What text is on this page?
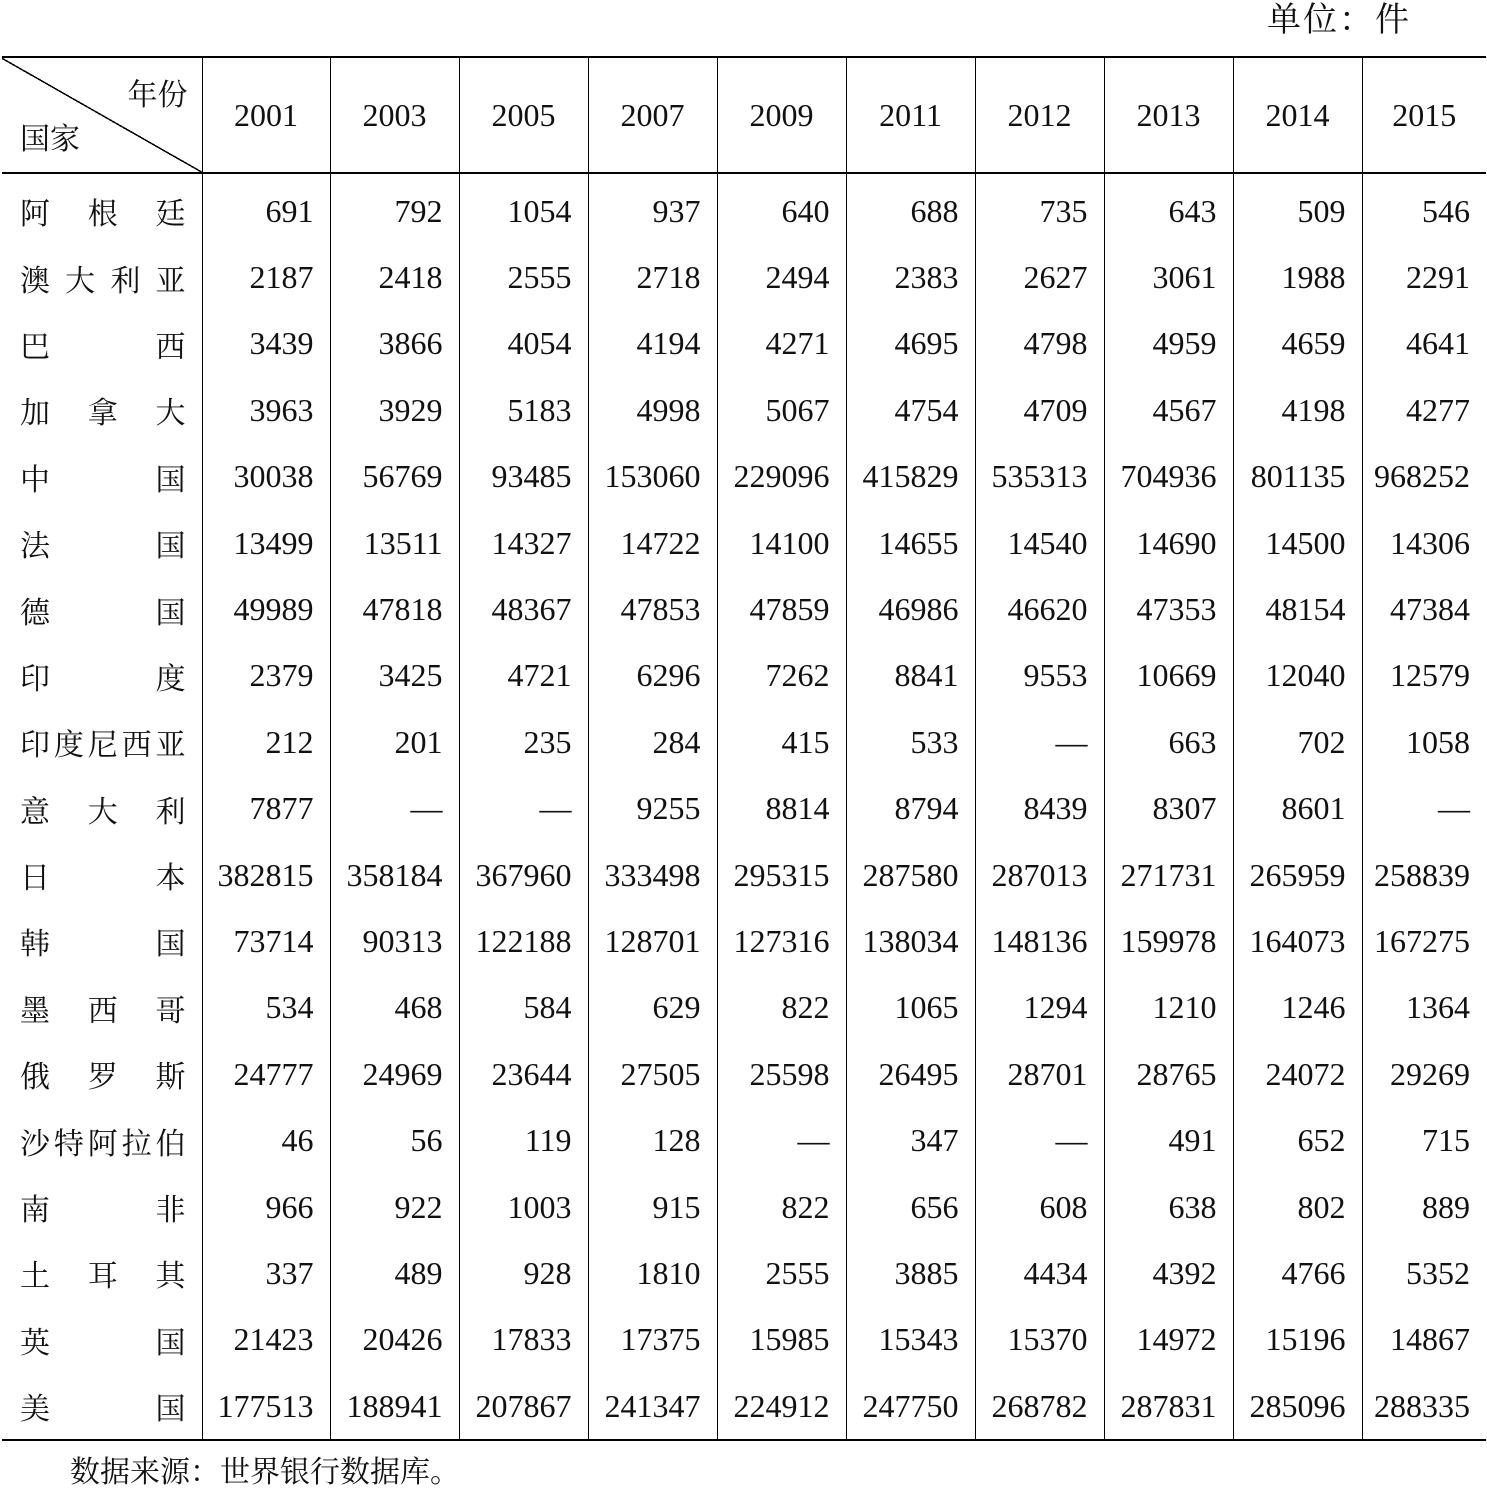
单位：件
年份
国家	2001	2003	2005	2007	2009	2011	2012	2013	2014	2015

阿 根 廷	691	792	1054	937	640	688	735	643	509	546

澳 大 利 亚 2187	2418	2555	2718	2494	2383	2627	3061	1988	2291

巴	西 3439	3866	4054	4194	4271	4695	4798	4959	4659	4641

加 拿 大 3963	3929	5183	4998	5067	4754	4709	4567	4198	4277

中	国 30038	56769	93485	153060	229096	415829	535313	704936	801135	968252

法	国 13499	13511	14327	14722	14100	14655	14540	14690	14500	14306

德	国 49989	47818	48367	47853	47859	46986	46620	47353	48154	47384

印	度 2379	3425	4721	6296	7262	8841	9553	10669	12040	12579

印 度 尼 西 亚	212	201	235	284	415	533	—	663	702	1058

意 大 利 7877	—	—	9255	8814	8794	8439	8307	8601	—

日	本 382815	358184	367960	333498	295315	287580	287013	271731	265959	258839

韩	国 73714	90313	122188	128701	127316	138034	148136	159978	164073	167275

墨 西 哥	534	468	584	629	822	1065	1294	1210	1246	1364

俄 罗 斯 24777	24969	23644	27505	25598	26495	28701	28765	24072	29269

沙 特 阿 拉 伯	46	56	119	128	—	347	—	491	652	715

南	非	966	922	1003	915	822	656	608	638	802	889

土 耳 其	337	489	928	1810	2555	3885	4434	4392	4766	5352

英	国 21423	20426	17833	17375	15985	15343	15370	14972	15196	14867

美	国 177513	188941	207867	241347	224912	247750	268782	287831	285096	288335
数据来源：世界银行数据库。
